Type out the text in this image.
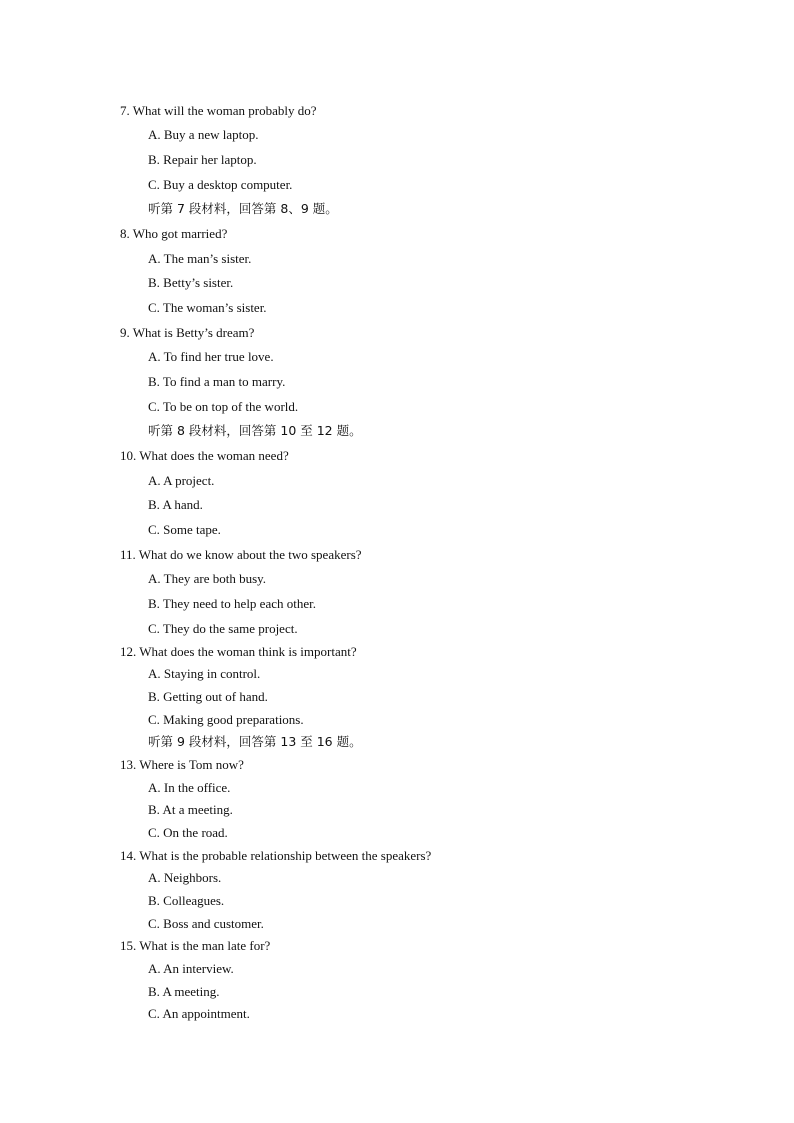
7. What will the woman probably do?
A. Buy a new laptop.
B. Repair her laptop.
C. Buy a desktop computer.
听第 7 段材料，回答第 8、9 题。
8. Who got married?
A. The man’s sister.
B. Betty’s sister.
C. The woman’s sister.
9. What is Betty’s dream?
A. To find her true love.
B. To find a man to marry.
C. To be on top of the world.
听第 8 段材料，回答第 10 至 12 题。
10. What does the woman need?
A. A project.
B. A hand.
C. Some tape.
11. What do we know about the two speakers?
A. They are both busy.
B. They need to help each other.
C. They do the same project.
12. What does the woman think is important?
A. Staying in control.
B. Getting out of hand.
C. Making good preparations.
听第 9 段材料，回答第 13 至 16 题。
13. Where is Tom now?
A. In the office.
B. At a meeting.
C. On the road.
14. What is the probable relationship between the speakers?
A. Neighbors.
B. Colleagues.
C. Boss and customer.
15. What is the man late for?
A. An interview.
B. A meeting.
C. An appointment.
